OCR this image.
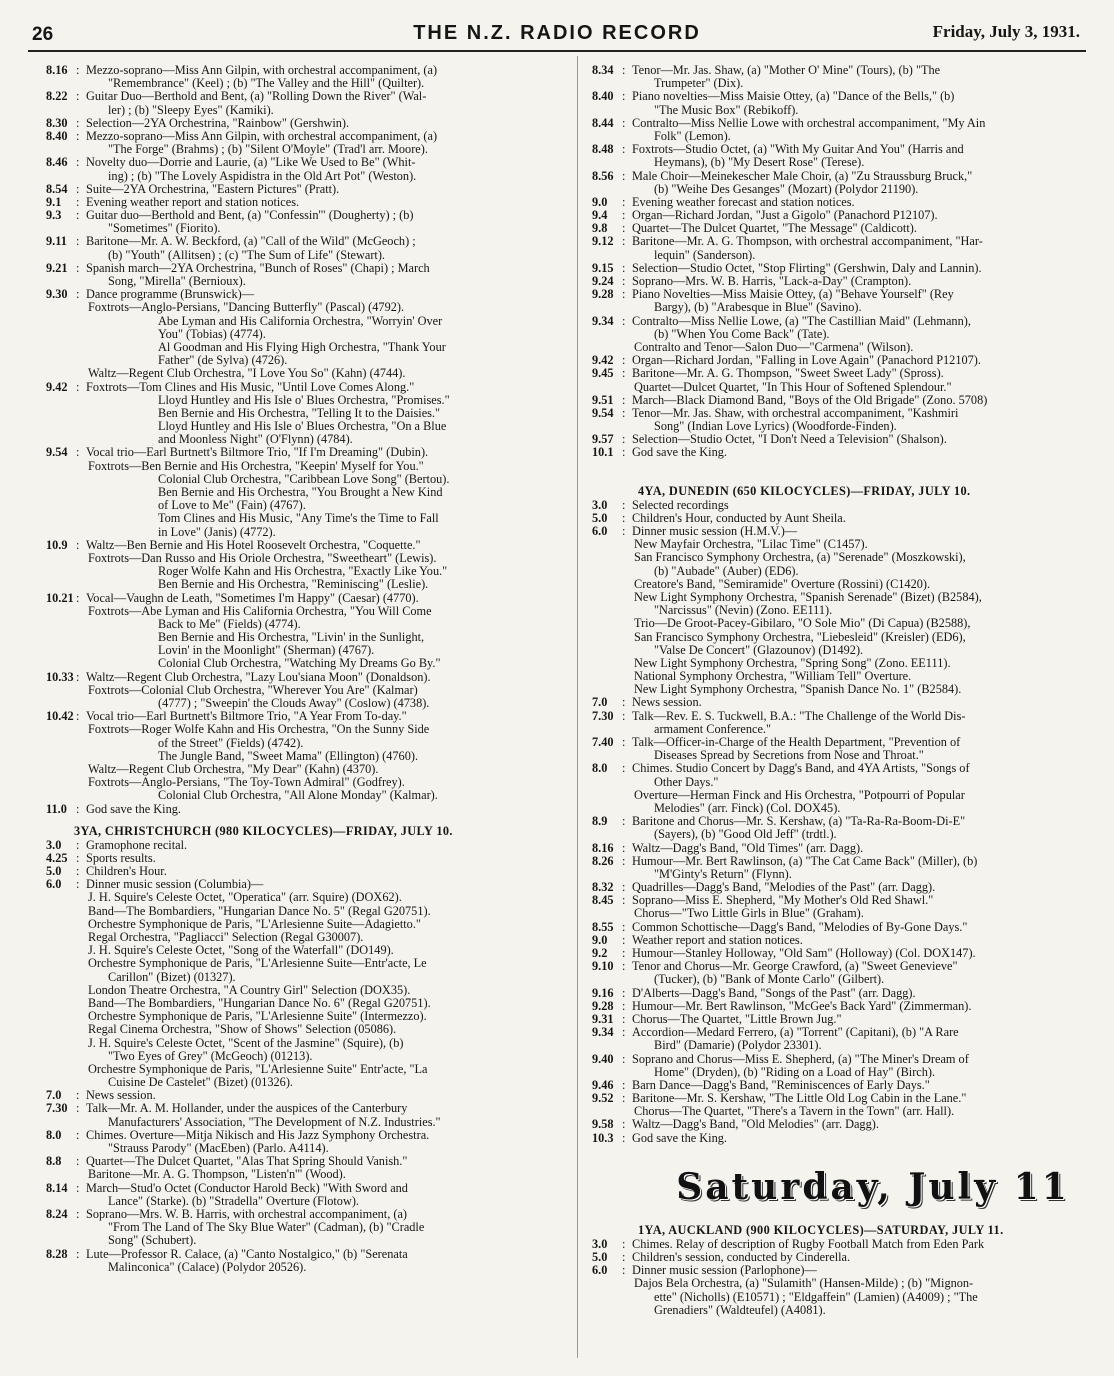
26	THE N.Z. RADIO RECORD	Friday, July 3, 1931.
8.16 : Mezzo-soprano—Miss Ann Gilpin, with orchestral accompaniment, (a)
"Remembrance" (Keel) ; (b) "The Valley and the Hill" (Quilter).
8.22 : Guitar Duo—Berthold and Bent, (a) "Rolling Down the River" (Wal-
ler) ; (b) "Sleepy Eyes" (Kamiki).
8.30 : Selection—2YA Orchestrina, "Rainbow" (Gershwin).
8.40 : Mezzo-soprano—Miss Ann Gilpin, with orchestral accompaniment, (a)
"The Forge" (Brahms) ; (b) "Silent O'Moyle" (Trad'l arr. Moore).
8.46 : Novelty duo—Dorrie and Laurie, (a) "Like We Used to Be" (Whit-
ing) ; (b) "The Lovely Aspidistra in the Old Art Pot" (Weston).
8.54 : Suite—2YA Orchestrina, "Eastern Pictures" (Pratt).
9.1 : Evening weather report and station notices.
9.3 : Guitar duo—Berthold and Bent, (a) "Confessin'" (Dougherty) ; (b)
"Sometimes" (Fiorito).
9.11 : Baritone—Mr. A. W. Beckford, (a) "Call of the Wild" (McGeoch) ;
(b) "Youth" (Allitsen) ; (c) "The Sum of Life" (Stewart).
9.21 : Spanish march—2YA Orchestrina, "Bunch of Roses" (Chapi) ; March
Song, "Mirella" (Bernioux).
9.30 : Dance programme (Brunswick)—
Foxtrots—Anglo-Persians, "Dancing Butterfly" (Pascal) (4792).
Abe Lyman and His California Orchestra, "Worryin' Over
You" (Tobias) (4774).
Al Goodman and His Flying High Orchestra, "Thank Your
Father" (de Sylva) (4726).
Waltz—Regent Club Orchestra, "I Love You So" (Kahn) (4744).
9.42 : Foxtrots—Tom Clines and His Music, "Until Love Comes Along."
Lloyd Huntley and His Isle o' Blues Orchestra, "Promises."
Ben Bernie and His Orchestra, "Telling It to the Daisies."
Lloyd Huntley and His Isle o' Blues Orchestra, "On a Blue
and Moonless Night" (O'Flynn) (4784).
9.54 : Vocal trio—Earl Burtnett's Biltmore Trio, "If I'm Dreaming" (Dubin).
Foxtrots—Ben Bernie and His Orchestra, "Keepin' Myself for You."
Colonial Club Orchestra, "Caribbean Love Song" (Bertou).
Ben Bernie and His Orchestra, "You Brought a New Kind
of Love to Me" (Fain) (4767).
Tom Clines and His Music, "Any Time's the Time to Fall
in Love" (Janis) (4772).
10.9 : Waltz—Ben Bernie and His Hotel Roosevelt Orchestra, "Coquette."
Foxtrots—Dan Russo and His Oriole Orchestra, "Sweetheart" (Lewis).
Roger Wolfe Kahn and His Orchestra, "Exactly Like You."
Ben Bernie and His Orchestra, "Reminiscing" (Leslie).
10.21 : Vocal—Vaughn de Leath, "Sometimes I'm Happy" (Caesar) (4770).
Foxtrots—Abe Lyman and His California Orchestra, "You Will Come
Back to Me" (Fields) (4774).
Ben Bernie and His Orchestra, "Livin' in the Sunlight,
Lovin' in the Moonlight" (Sherman) (4767).
Colonial Club Orchestra, "Watching My Dreams Go By."
10.33 : Waltz—Regent Club Orchestra, "Lazy Lou'siana Moon" (Donaldson).
Foxtrots—Colonial Club Orchestra, "Wherever You Are" (Kalmar)
(4777) ; "Sweepin' the Clouds Away" (Coslow) (4738).
10.42 : Vocal trio—Earl Burtnett's Biltmore Trio, "A Year From To-day."
Foxtrots—Roger Wolfe Kahn and His Orchestra, "On the Sunny Side
of the Street" (Fields) (4742).
The Jungle Band, "Sweet Mama" (Ellington) (4760).
Waltz—Regent Club Orchestra, "My Dear" (Kahn) (4370).
Foxtrots—Anglo-Persians, "The Toy-Town Admiral" (Godfrey).
Colonial Club Orchestra, "All Alone Monday" (Kalmar).
11.0 : God save the King.
3YA, CHRISTCHURCH (980 KILOCYCLES)—FRIDAY, JULY 10.
3.0 : Gramophone recital.
4.25 : Sports results.
5.0 : Children's Hour.
6.0 : Dinner music session (Columbia)—
J. H. Squire's Celeste Octet, "Operatica" (arr. Squire) (DOX62).
Band—The Bombardiers, "Hungarian Dance No. 5" (Regal G20751).
Orchestre Symphonique de Paris, "L'Arlesienne Suite—Adagietto."
Regal Orchestra, "Pagliacci" Selection (Regal G30007).
J. H. Squire's Celeste Octet, "Song of the Waterfall" (DO149).
Orchestre Symphonique de Paris, "L'Arlesienne Suite—Entr'acte, Le
Carillon" (Bizet) (01327).
London Theatre Orchestra, "A Country Girl" Selection (DOX35).
Band—The Bombardiers, "Hungarian Dance No. 6" (Regal G20751).
Orchestre Symphonique de Paris, "L'Arlesienne Suite" (Intermezzo).
Regal Cinema Orchestra, "Show of Shows" Selection (05086).
J. H. Squire's Celeste Octet, "Scent of the Jasmine" (Squire), (b)
"Two Eyes of Grey" (McGeoch) (01213).
Orchestre Symphonique de Paris, "L'Arlesienne Suite" Entr'acte, "La
Cuisine De Castelet" (Bizet) (01326).
7.0 : News session.
7.30 : Talk—Mr. A. M. Hollander, under the auspices of the Canterbury
Manufacturers' Association, "The Development of N.Z. Industries."
8.0 : Chimes. Overture—Mitja Nikisch and His Jazz Symphony Orchestra.
"Strauss Parody" (MacEben) (Parlo. A4114).
8.8 : Quartet—The Dulcet Quartet, "Alas That Spring Should Vanish."
Baritone—Mr. A. G. Thompson, "Listen'n'" (Wood).
8.14 : March—Stud'o Octet (Conductor Harold Beck) "With Sword and
Lance" (Starke). (b) "Stradella" Overture (Flotow).
8.24 : Soprano—Mrs. W. B. Harris, with orchestral accompaniment, (a)
"From The Land of The Sky Blue Water" (Cadman), (b) "Cradle
Song" (Schubert).
8.28 : Lute—Professor R. Calace, (a) "Canto Nostalgico," (b) "Serenata
Malinconica" (Calace) (Polydor 20526).
8.34 : Tenor—Mr. Jas. Shaw, (a) "Mother O' Mine" (Tours), (b) "The
Trumpeter" (Dix).
8.40 : Piano novelties—Miss Maisie Ottey, (a) "Dance of the Bells," (b)
"The Music Box" (Rebikoff).
8.44 : Contralto—Miss Nellie Lowe with orchestral accompaniment, "My Ain
Folk" (Lemon).
8.48 : Foxtrots—Studio Octet, (a) "With My Guitar And You" (Harris and
Heymans), (b) "My Desert Rose" (Terese).
8.56 : Male Choir—Meinekescher Male Choir, (a) "Zu Straussburg Bruck,"
(b) "Weihe Des Gesanges" (Mozart) (Polydor 21190).
9.0 : Evening weather forecast and station notices.
9.4 : Organ—Richard Jordan, "Just a Gigolo" (Panachord P12107).
9.8 : Quartet—The Dulcet Quartet, "The Message" (Caldicott).
9.12 : Baritone—Mr. A. G. Thompson, with orchestral accompaniment, "Har-
lequin" (Sanderson).
9.15 : Selection—Studio Octet, "Stop Flirting" (Gershwin, Daly and Lannin).
9.24 : Soprano—Mrs. W. B. Harris, "Lack-a-Day" (Crampton).
9.28 : Piano Novelties—Miss Maisie Ottey, (a) "Behave Yourself" (Rey
Bargy), (b) "Arabesque in Blue" (Savino).
9.34 : Contralto—Miss Nellie Lowe, (a) "The Castillian Maid" (Lehmann),
(b) "When You Come Back" (Tate).
Contralto and Tenor—Salon Duo—"Carmena" (Wilson).
9.42 : Organ—Richard Jordan, "Falling in Love Again" (Panachord P12107).
9.45 : Baritone—Mr. A. G. Thompson, "Sweet Sweet Lady" (Spross).
Quartet—Dulcet Quartet, "In This Hour of Softened Splendour."
9.51 : March—Black Diamond Band, "Boys of the Old Brigade" (Zono. 5708)
9.54 : Tenor—Mr. Jas. Shaw, with orchestral accompaniment, "Kashmiri
Song" (Indian Love Lyrics) (Woodforde-Finden).
9.57 : Selection—Studio Octet, "I Don't Need a Television" (Shalson).
10.1 : God save the King.
4YA, DUNEDIN (650 KILOCYCLES)—FRIDAY, JULY 10.
3.0 : Selected recordings
5.0 : Children's Hour, conducted by Aunt Sheila.
6.0 : Dinner music session (H.M.V.)—
New Mayfair Orchestra, "Lilac Time" (C1457).
San Francisco Symphony Orchestra, (a) "Serenade" (Moszkowski),
(b) "Aubade" (Auber) (ED6).
Creatore's Band, "Semiramide" Overture (Rossini) (C1420).
New Light Symphony Orchestra, "Spanish Serenade" (Bizet) (B2584),
"Narcissus" (Nevin) (Zono. EE111).
Trio—De Groot-Pacey-Gibilaro, "O Sole Mio" (Di Capua) (B2588),
San Francisco Symphony Orchestra, "Liebesleid" (Kreisler) (ED6),
"Valse De Concert" (Glazounov) (D1492).
New Light Symphony Orchestra, "Spring Song" (Zono. EE111).
National Symphony Orchestra, "William Tell" Overture.
New Light Symphony Orchestra, "Spanish Dance No. 1" (B2584).
7.0 : News session.
7.30 : Talk—Rev. E. S. Tuckwell, B.A.: "The Challenge of the World Dis-
armament Conference."
7.40 : Talk—Officer-in-Charge of the Health Department, "Prevention of
Diseases Spread by Secretions from Nose and Throat."
8.0 : Chimes. Studio Concert by Dagg's Band, and 4YA Artists, "Songs of
Other Days."
Overture—Herman Finck and His Orchestra, "Potpourri of Popular
Melodies" (arr. Finck) (Col. DOX45).
8.9 : Baritone and Chorus—Mr. S. Kershaw, (a) "Ta-Ra-Ra-Boom-Di-E"
(Sayers), (b) "Good Old Jeff" (trdtl.).
8.16 : Waltz—Dagg's Band, "Old Times" (arr. Dagg).
8.26 : Humour—Mr. Bert Rawlinson, (a) "The Cat Came Back" (Miller), (b)
"M'Ginty's Return" (Flynn).
8.32 : Quadrilles—Dagg's Band, "Melodies of the Past" (arr. Dagg).
8.45 : Soprano—Miss E. Shepherd, "My Mother's Old Red Shawl."
Chorus—"Two Little Girls in Blue" (Graham).
8.55 : Common Schottische—Dagg's Band, "Melodies of By-Gone Days."
9.0 : Weather report and station notices.
9.2 : Humour—Stanley Holloway, "Old Sam" (Holloway) (Col. DOX147).
9.10 : Tenor and Chorus—Mr. George Crawford, (a) "Sweet Genevieve"
(Tucker), (b) "Bank of Monte Carlo" (Gilbert).
9.16 : D'Alberts—Dagg's Band, "Songs of the Past" (arr. Dagg).
9.28 : Humour—Mr. Bert Rawlinson, "McGee's Back Yard" (Zimmerman).
9.31 : Chorus—The Quartet, "Little Brown Jug."
9.34 : Accordion—Medard Ferrero, (a) "Torrent" (Capitani), (b) "A Rare
Bird" (Damarie) (Polydor 23301).
9.40 : Soprano and Chorus—Miss E. Shepherd, (a) "The Miner's Dream of
Home" (Dryden), (b) "Riding on a Load of Hay" (Birch).
9.46 : Barn Dance—Dagg's Band, "Reminiscences of Early Days."
9.52 : Baritone—Mr. S. Kershaw, "The Little Old Log Cabin in the Lane."
Chorus—The Quartet, "There's a Tavern in the Town" (arr. Hall).
9.58 : Waltz—Dagg's Band, "Old Melodies" (arr. Dagg).
10.3 : God save the King.
Saturday, July 11
1YA, AUCKLAND (900 KILOCYCLES)—SATURDAY, JULY 11.
3.0 : Chimes. Relay of description of Rugby Football Match from Eden Park
5.0 : Children's session, conducted by Cinderella.
6.0 : Dinner music session (Parlophone)—
Dajos Bela Orchestra, (a) "Sulamith" (Hansen-Milde) ; (b) "Mignon-
ette" (Nicholls) (E10571) ; "Eldgaffein" (Lamien) (A4009) ; "The
Grenadiers" (Waldteufel) (A4081).
